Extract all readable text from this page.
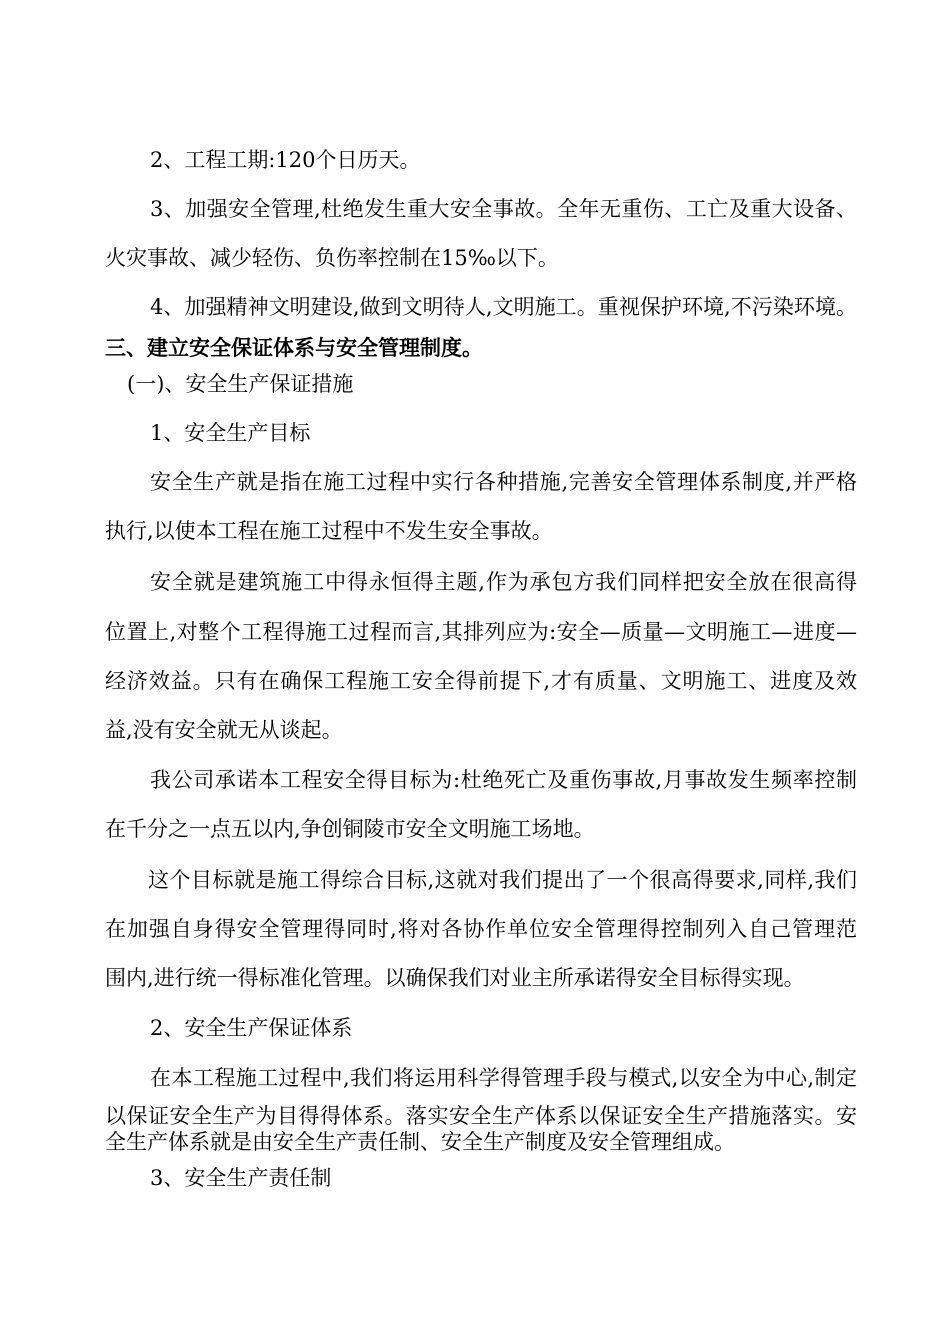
2、工程工期:120个日历天。
3、加强安全管理,杜绝发生重大安全事故。全年无重伤、工亡及重大设备、
火灾事故、减少轻伤、负伤率控制在15‰以下。
4、加强精神文明建设,做到文明待人,文明施工。重视保护环境,不污染环境。
三、建立安全保证体系与安全管理制度。
(一)、安全生产保证措施
1、安全生产目标
安全生产就是指在施工过程中实行各种措施,完善安全管理体系制度,并严格
执行,以使本工程在施工过程中不发生安全事故。
安全就是建筑施工中得永恒得主题,作为承包方我们同样把安全放在很高得
位置上,对整个工程得施工过程而言,其排列应为:安全—质量—文明施工—进度—
经济效益。只有在确保工程施工安全得前提下,才有质量、文明施工、进度及效
益,没有安全就无从谈起。
我公司承诺本工程安全得目标为:杜绝死亡及重伤事故,月事故发生频率控制
在千分之一点五以内,争创铜陵市安全文明施工场地。
这个目标就是施工得综合目标,这就对我们提出了一个很高得要求,同样,我们
在加强自身得安全管理得同时,将对各协作单位安全管理得控制列入自己管理范
围内,进行统一得标准化管理。以确保我们对业主所承诺得安全目标得实现。
2、安全生产保证体系
在本工程施工过程中,我们将运用科学得管理手段与模式,以安全为中心,制定
以保证安全生产为目得得体系。落实安全生产体系以保证安全生产措施落实。安
全生产体系就是由安全生产责任制、安全生产制度及安全管理组成。
3、安全生产责任制
